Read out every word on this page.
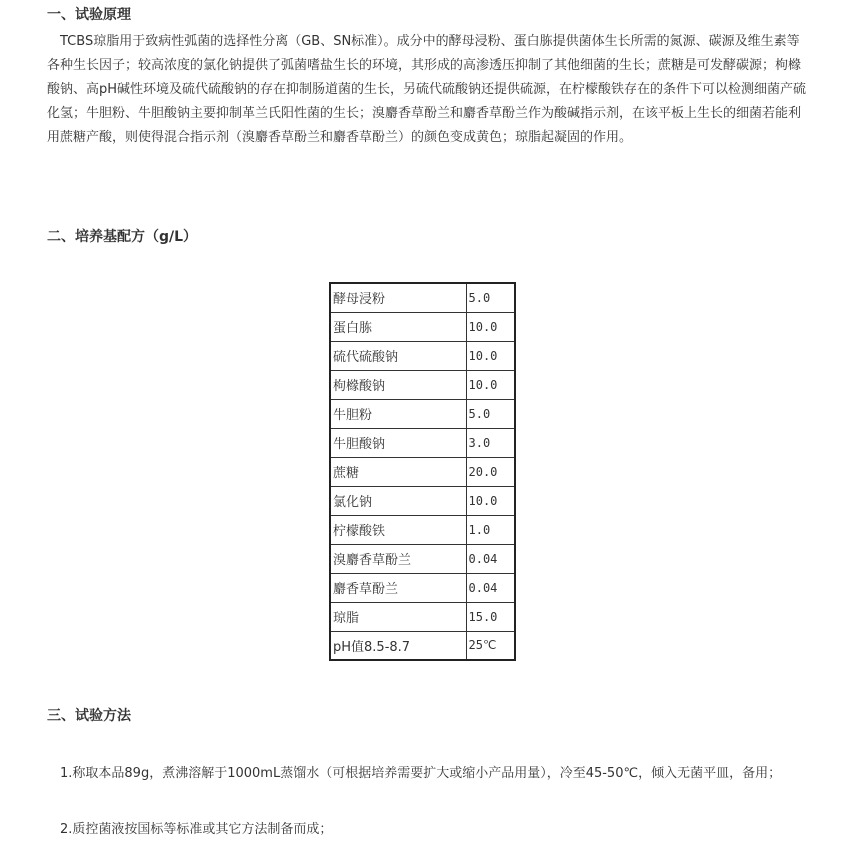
一、试验原理

TCBS琼脂用于致病性弧菌的选择性分离（GB、SN标准）。成分中的酵母浸粉、蛋白胨提供菌体生长所需的氮源、碳源及维生素等各种生长因子；较高浓度的氯化钠提供了弧菌嗜盐生长的环境，其形成的高渗透压抑制了其他细菌的生长；蔗糖是可发酵碳源；枸橼酸钠、高pH碱性环境及硫代硫酸钠的存在抑制肠道菌的生长，另硫代硫酸钠还提供硫源，在柠檬酸铁存在的条件下可以检测细菌产硫化氢；牛胆粉、牛胆酸钠主要抑制革兰氏阳性菌的生长；溴麝香草酚兰和麝香草酚兰作为酸碱指示剂，在该平板上生长的细菌若能利用蔗糖产酸，则使得混合指示剂（溴麝香草酚兰和麝香草酚兰）的颜色变成黄色；琼脂起凝固的作用。

二、培养基配方（g/L）
酵母浸粉	5.0
蛋白胨	10.0
硫代硫酸钠	10.0
枸橼酸钠	10.0
牛胆粉	5.0
牛胆酸钠	3.0
蔗糖	20.0
氯化钠	10.0
柠檬酸铁	1.0
溴麝香草酚兰	0.04
麝香草酚兰	0.04
琼脂	15.0
pH值8.5-8.7	25℃
三、试验方法

1.称取本品89g，煮沸溶解于1000mL蒸馏水（可根据培养需要扩大或缩小产品用量），冷至45-50℃，倾入无菌平皿，备用；

2.质控菌液按国标等标准或其它方法制备而成；
